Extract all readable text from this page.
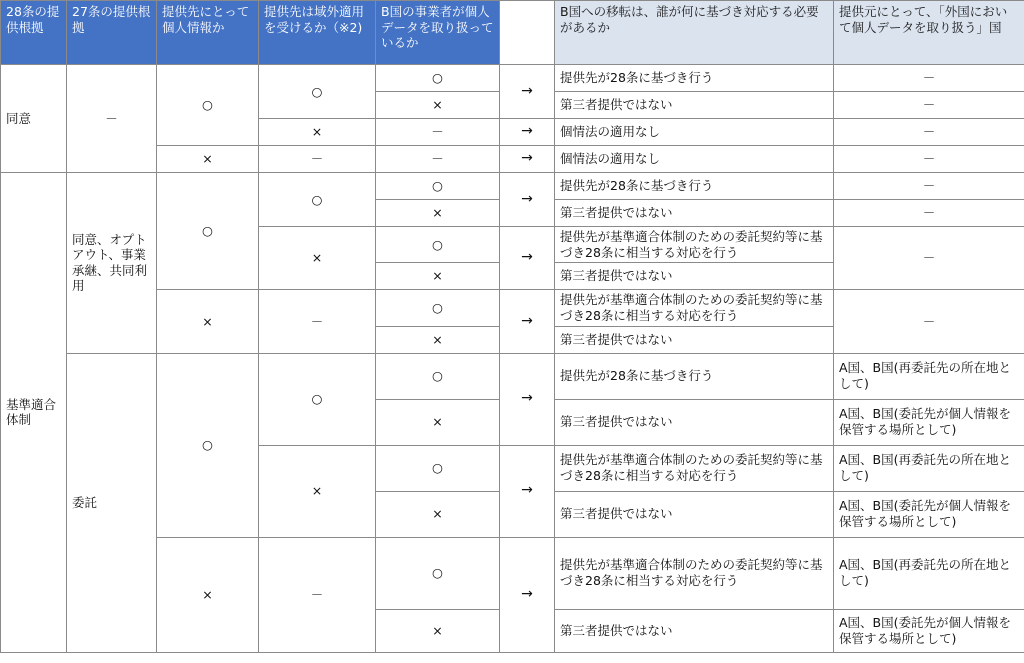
28条の提供根拠	27条の提供根拠	提供先にとって個人情報か	提供先は域外適用を受けるか（※2)	B国の事業者が個人データを取り扱っているか		B国への移転は、誰が何に基づき対応する必要があるか	提供元にとって、「外国において個人データを取り扱う」国
同意	－	○	○	○	→	提供先が28条に基づき行う	－
				×		第三者提供ではない	－
			×	－	→	個情法の適用なし	－
		×	－	－	→	個情法の適用なし	－
基準適合体制	同意、オプトアウト、事業承継、共同利用	○	○	○	→	提供先が28条に基づき行う	－
				×		第三者提供ではない	－
			×	○	→	提供先が基準適合体制のための委託契約等に基づき28条に相当する対応を行う	－
				×		第三者提供ではない	
		×	－	○	→	提供先が基準適合体制のための委託契約等に基づき28条に相当する対応を行う	－
				×		第三者提供ではない	
	委託	○	○	○	→	提供先が28条に基づき行う	A国、B国(再委託先の所在地として)
				×		第三者提供ではない	A国、B国(委託先が個人情報を保管する場所として)
			×	○	→	提供先が基準適合体制のための委託契約等に基づき28条に相当する対応を行う	A国、B国(再委託先の所在地として)
				×		第三者提供ではない	A国、B国(委託先が個人情報を保管する場所として)
		×	－	○	→	提供先が基準適合体制のための委託契約等に基づき28条に相当する対応を行う	A国、B国(再委託先の所在地として)
				×		第三者提供ではない	A国、B国(委託先が個人情報を保管する場所として)
